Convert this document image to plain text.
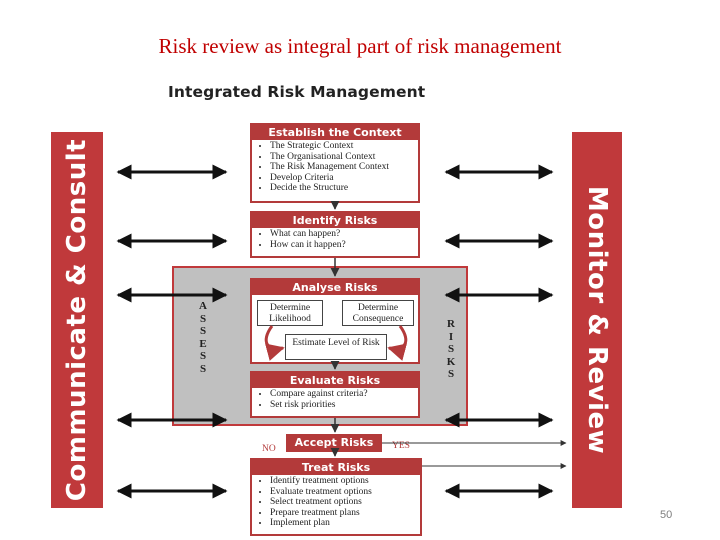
Risk review as integral part of risk management
Integrated Risk Management
Communicate & Consult	Monitor & Review
Establish the Context
• The Strategic Context
• The Organisational Context
• The Risk Management Context
• Develop Criteria
• Decide the Structure
Identify Risks
• What can happen?
• How can it happen?
Analyse Risks
Determine Likelihood
Determine Consequence
Estimate Level of Risk
Evaluate Risks
• Compare against criteria?
• Set risk priorities
A
S
S
E
S
S
R
I
S
K
S
Accept Risks
NO	YES
Treat Risks
• Identify treatment options
• Evaluate treatment options
• Select treatment options
• Prepare treatment plans
• Implement plan
50
